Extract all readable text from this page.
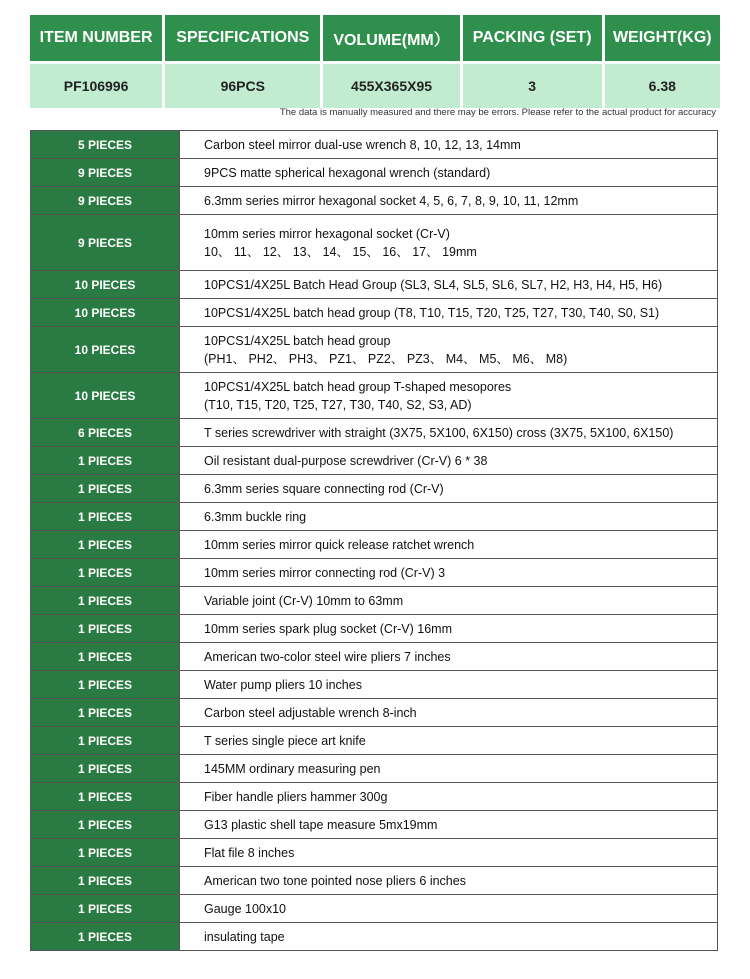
ITEM NUMBER	SPECIFICATIONS	VOLUME(MM）	PACKING (SET)	WEIGHT(KG)
PF106996	96PCS	455X365X95	3	6.38
The data is manually measured and there may be errors. Please refer to the actual product for accuracy
5 PIECES	Carbon steel mirror dual-use wrench 8, 10, 12, 13, 14mm

9 PIECES	9PCS matte spherical hexagonal wrench (standard)

9 PIECES	6.3mm series mirror hexagonal socket 4, 5, 6, 7, 8, 9, 10, 11, 12mm

9 PIECES	10mm series mirror hexagonal socket (Cr-V)
10、 11、 12、 13、 14、 15、 16、 17、 19mm

10 PIECES	10PCS1/4X25L Batch Head Group (SL3, SL4, SL5, SL6, SL7, H2, H3, H4, H5, H6)

10 PIECES	10PCS1/4X25L batch head group (T8, T10, T15, T20, T25, T27, T30, T40, S0, S1)

10 PIECES	10PCS1/4X25L batch head group
(PH1、 PH2、 PH3、 PZ1、 PZ2、 PZ3、 M4、 M5、 M6、 M8)

10 PIECES	10PCS1/4X25L batch head group T-shaped mesopores
(T10, T15, T20, T25, T27, T30, T40, S2, S3, AD)

6 PIECES	T series screwdriver with straight (3X75, 5X100, 6X150) cross (3X75, 5X100, 6X150)

1 PIECES	Oil resistant dual-purpose screwdriver (Cr-V) 6 * 38

1 PIECES	6.3mm series square connecting rod (Cr-V)

1 PIECES	6.3mm buckle ring

1 PIECES	10mm series mirror quick release ratchet wrench

1 PIECES	10mm series mirror connecting rod (Cr-V) 3

1 PIECES	Variable joint (Cr-V) 10mm to 63mm

1 PIECES	10mm series spark plug socket (Cr-V) 16mm

1 PIECES	American two-color steel wire pliers 7 inches

1 PIECES	Water pump pliers 10 inches

1 PIECES	Carbon steel adjustable wrench 8-inch

1 PIECES	T series single piece art knife

1 PIECES	145MM ordinary measuring pen

1 PIECES	Fiber handle pliers hammer 300g

1 PIECES	G13 plastic shell tape measure 5mx19mm

1 PIECES	Flat file 8 inches

1 PIECES	American two tone pointed nose pliers 6 inches

1 PIECES	Gauge 100x10

1 PIECES	insulating tape
